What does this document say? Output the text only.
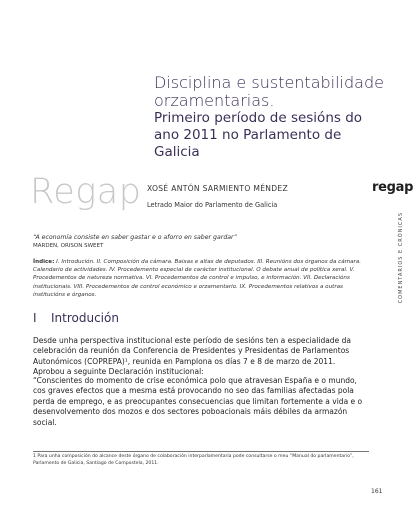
Disciplina e sustentabilidade
orzamentarias.
Primeiro período de sesións do
ano 2011 no Parlamento de
Galicia
Regap XOSÉ ANTÓN SARMIENTO MÉNDEZ
Letrado Maior do Parlamento de Galicia
regap
COMENTARIOS E CRÓNICAS
“A economía consiste en saber gastar e o aforro en saber gardar”
MARDEN, ORISON SWEET
Índice: I. Introdución. II. Composición da cámara. Baixas e altas de deputados. III. Reunións dos órganos da cámara. Calendario de actividades. IV. Procedemento especial de carácter institucional. O debate anual de política xeral. V. Procedementos de natureza normativa. VI. Procedementos de control e impulso, e información. VII. Declaracións institucionais. VIII. Procedementos de control económico e orzamentario. IX. Procedementos relativos a outras institucións e órganos.
I Introdución
Desde unha perspectiva institucional este período de sesións ten a especialidade da celebración da reunión da Conferencia de Presidentes y Presidentas de Parlamentos Autonómicos (COPREPA)¹, reunida en Pamplona os días 7 e 8 de marzo de 2011. Aprobou a seguinte Declaración institucional:
“Conscientes do momento de crise económica polo que atravesan España e o mundo, cos graves efectos que a mesma está provocando no seo das familias afectadas pola perda de emprego, e as preocupantes consecuencias que limitan fortemente a vida e o desenvolvemento dos mozos e dos sectores poboacionais máis débiles da armazón social.
1 Para unha composición do alcance deste órgano de colaboración interparlamentaria pode consultarse o meu “Manual do parlamentario”, Parlamento de Galicia, Santiago de Compostela, 2011.
161
